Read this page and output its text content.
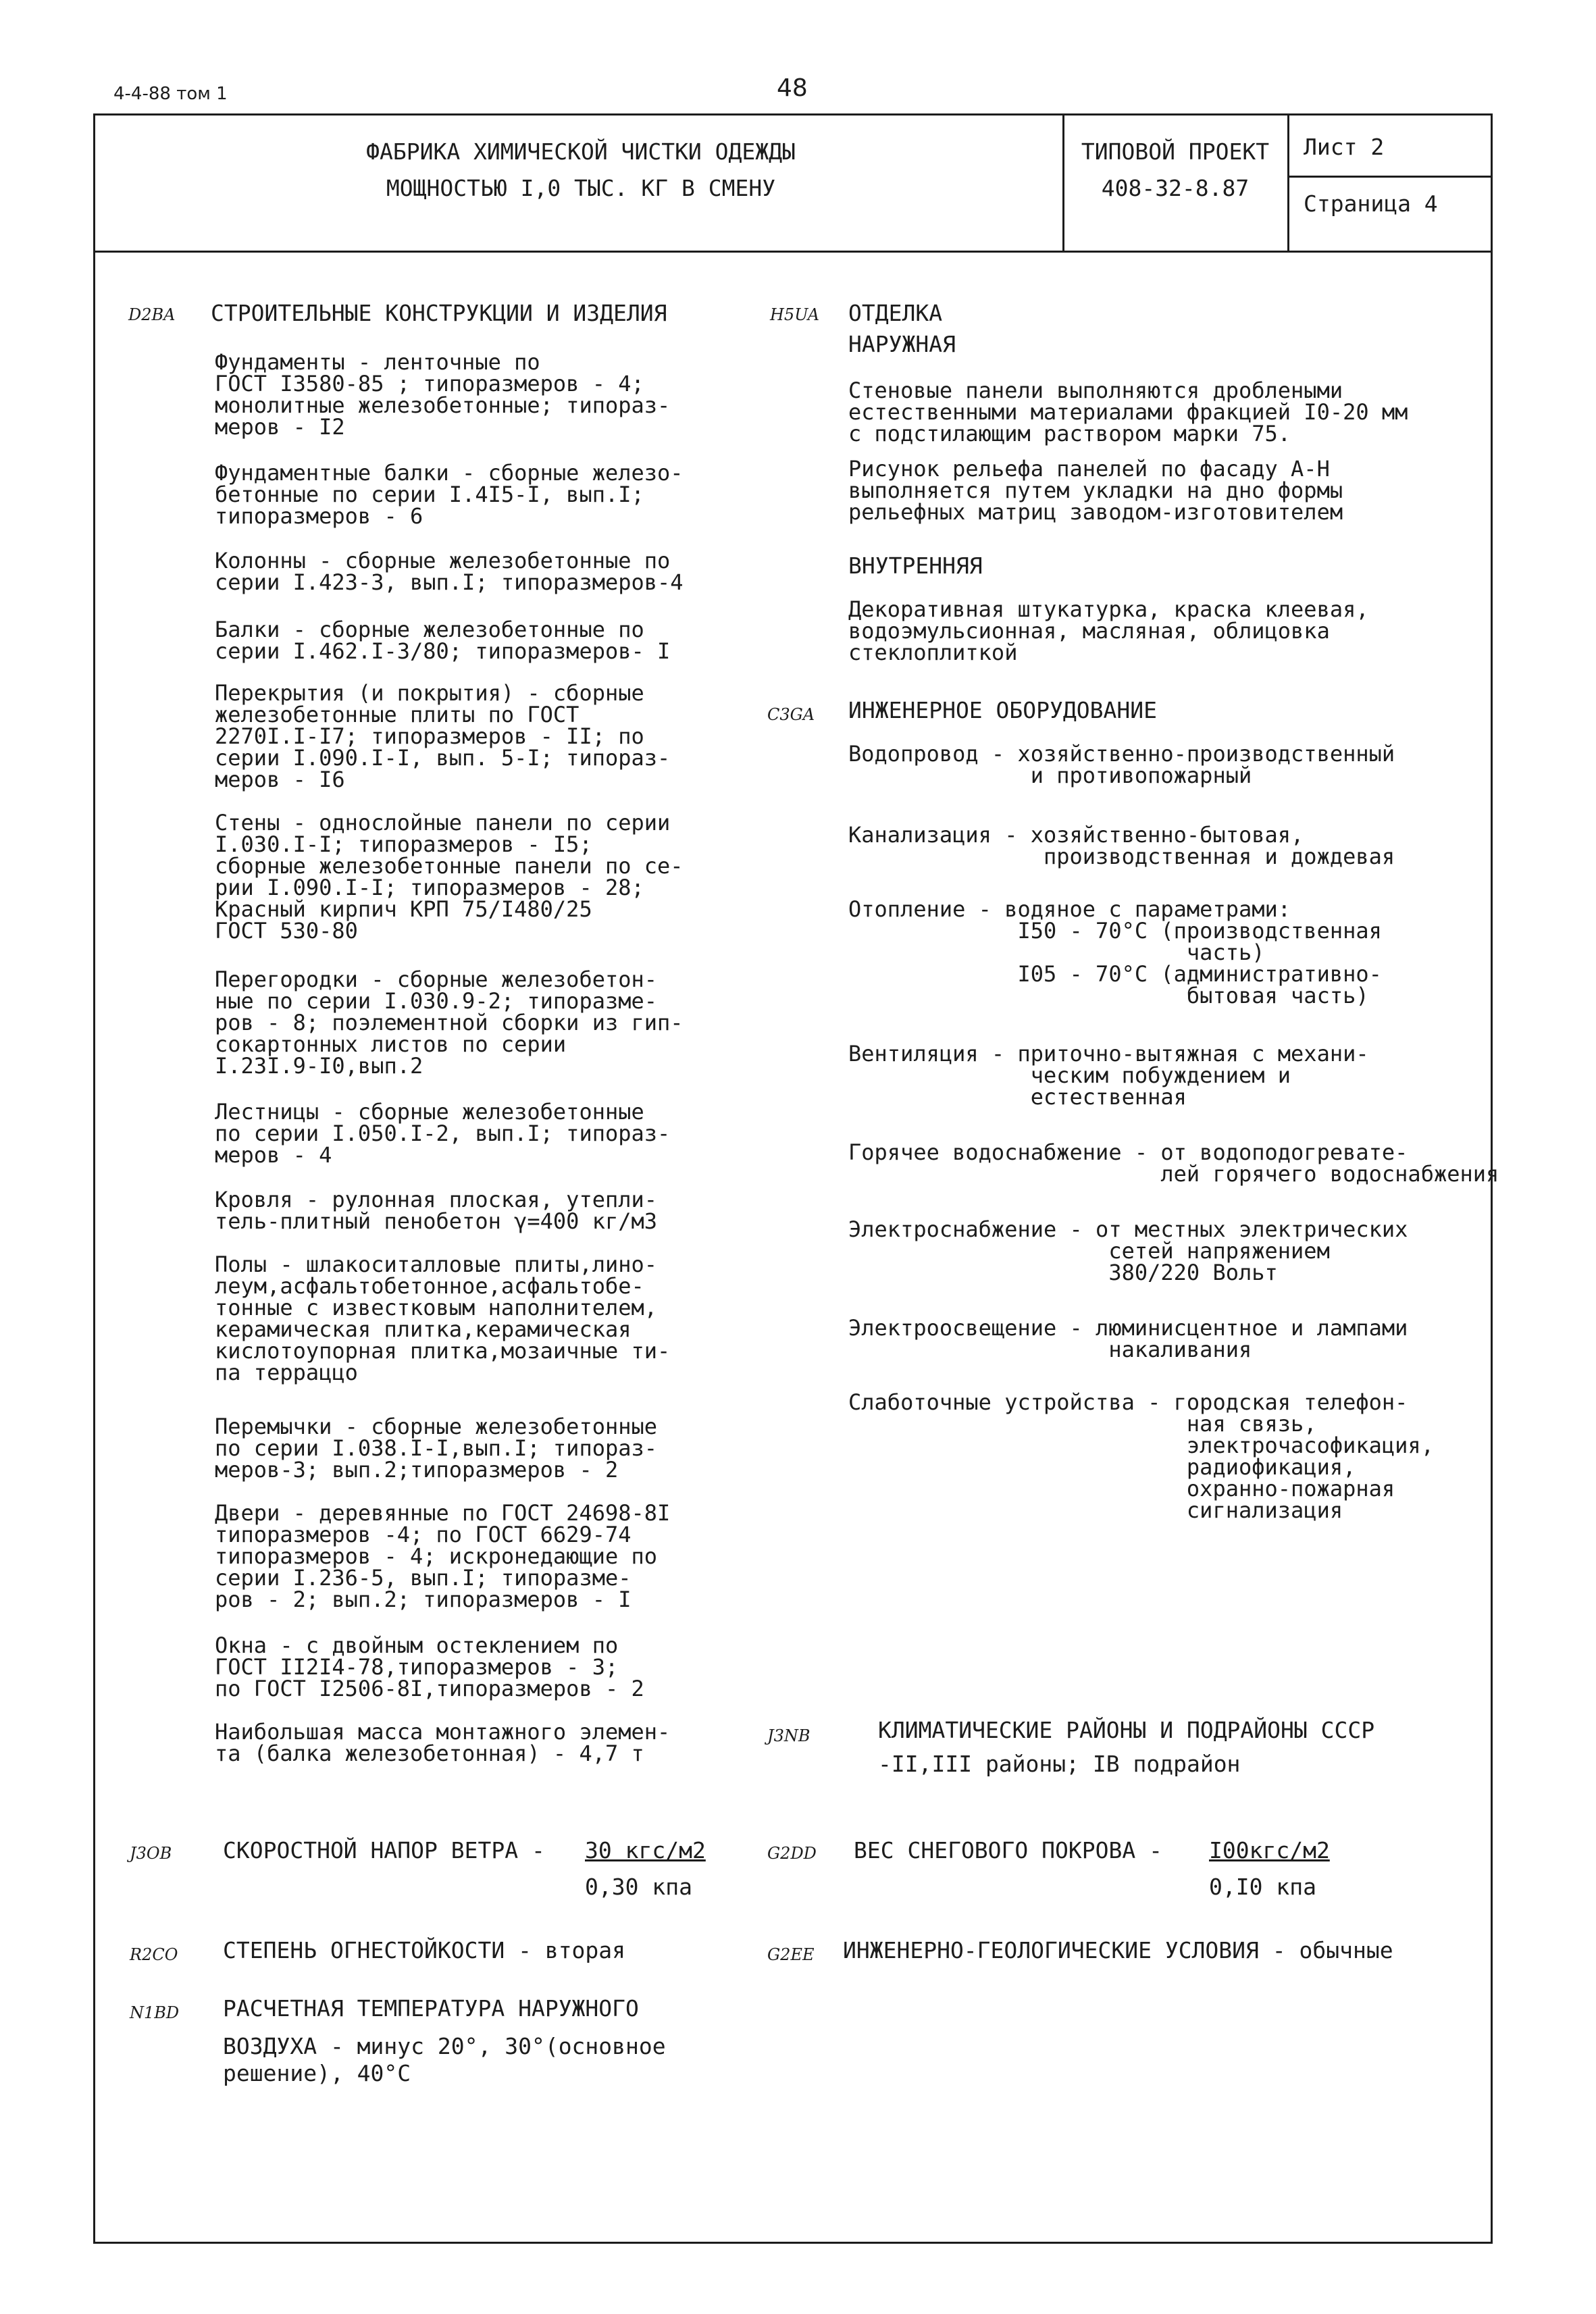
4-4-88 том 1	48
ФАБРИКА ХИМИЧЕСКОЙ ЧИСТКИ ОДЕЖДЫ
МОЩНОСТЬЮ I,0 ТЫС. КГ В СМЕНУ
ТИПОВОЙ ПРОЕКТ
408-32-8.87
Лист 2
Страница 4
D2BA СТРОИТЕЛЬНЫЕ КОНСТРУКЦИИ И ИЗДЕЛИЯ
Фундаменты - ленточные по
ГОСТ I3580-85 ; типоразмеров - 4;
монолитные железобетонные; типораз-
меров - I2
Фундаментные балки - сборные железо-
бетонные по серии I.4I5-I, вып.I;
типоразмеров - 6
Колонны - сборные железобетонные по
серии I.423-3, вып.I; типоразмеров-4
Балки - сборные железобетонные по
серии I.462.I-3/80; типоразмеров- I
Перекрытия (и покрытия) - сборные
железобетонные плиты по ГОСТ
2270I.I-I7; типоразмеров - II; по
серии I.090.I-I, вып. 5-I; типораз-
меров - I6
Стены - однослойные панели по серии
I.030.I-I; типоразмеров - I5;
сборные железобетонные панели по се-
рии I.090.I-I; типоразмеров - 28;
Красный кирпич КРП 75/I480/25
ГОСТ 530-80
Перегородки - сборные железобетон-
ные по серии I.030.9-2; типоразме-
ров - 8; поэлементной сборки из гип-
сокартонных листов по серии
I.23I.9-I0,вып.2
Лестницы - сборные железобетонные
по серии I.050.I-2, вып.I; типораз-
меров - 4
Кровля - рулонная плоская, утепли-
тель-плитный пенобетон γ=400 кг/м3
Полы - шлакоситалловые плиты,лино-
леум,асфальтобетонное,асфальтобе-
тонные с известковым наполнителем,
керамическая плитка,керамическая
кислотоупорная плитка,мозаичные ти-
па терраццо
Перемычки - сборные железобетонные
по серии I.038.I-I,вып.I; типораз-
меров-3; вып.2;типоразмеров - 2
Двери - деревянные по ГОСТ 24698-8I
типоразмеров -4; по ГОСТ 6629-74
типоразмеров - 4; искронедающие по
серии I.236-5, вып.I; типоразме-
ров - 2; вып.2; типоразмеров - I
Окна - с двойным остеклением по
ГОСТ II2I4-78,типоразмеров - 3;
по ГОСТ I2506-8I,типоразмеров - 2
Наибольшая масса монтажного элемен-
та (балка железобетонная) - 4,7 т
H5UA ОТДЕЛКА
НАРУЖНАЯ
Стеновые панели выполняются дроблеными
естественными материалами фракцией I0-20 мм
с подстилающим раствором марки 75.
Рисунок рельефа панелей по фасаду А-Н
выполняется путем укладки на дно формы
рельефных матриц заводом-изготовителем
ВНУТРЕННЯЯ
Декоративная штукатурка, краска клеевая,
водоэмульсионная, масляная, облицовка
стеклоплиткой
C3GA ИНЖЕНЕРНОЕ ОБОРУДОВАНИЕ
Водопровод - хозяйственно-производственный
и противопожарный
Канализация - хозяйственно-бытовая,
производственная и дождевая
Отопление - водяное с параметрами:
I50 - 70°C (производственная
часть)
I05 - 70°C (административно-
бытовая часть)
Вентиляция - приточно-вытяжная с механи-
ческим побуждением и
естественная
Горячее водоснабжение - от водоподогревате-
лей горячего водоснабжения
Электроснабжение - от местных электрических
сетей напряжением
380/220 Вольт
Электроосвещение - люминисцентное и лампами
накаливания
Слаботочные устройства - городская телефон-
ная связь,
электрочасофикация,
радиофикация,
охранно-пожарная
сигнализация
J3NB	КЛИМАТИЧЕСКИЕ РАЙОНЫ И ПОДРАЙОНЫ СССР
-II,III районы; IВ подрайон
J3OB СКОРОСТНОЙ НАПОР ВЕТРА - 30 кгс/м2
0,30 кпа
G2DD ВЕС СНЕГОВОГО ПОКРОВА - I00кгс/м2
0,I0 кпа
R2CO СТЕПЕНЬ ОГНЕСТОЙКОСТИ - вторая	G2EE ИНЖЕНЕРНО-ГЕОЛОГИЧЕСКИЕ УСЛОВИЯ - обычные
N1BD РАСЧЕТНАЯ ТЕМПЕРАТУРА НАРУЖНОГО
ВОЗДУХА - минус 20°, 30°(основное
решение), 40°C
